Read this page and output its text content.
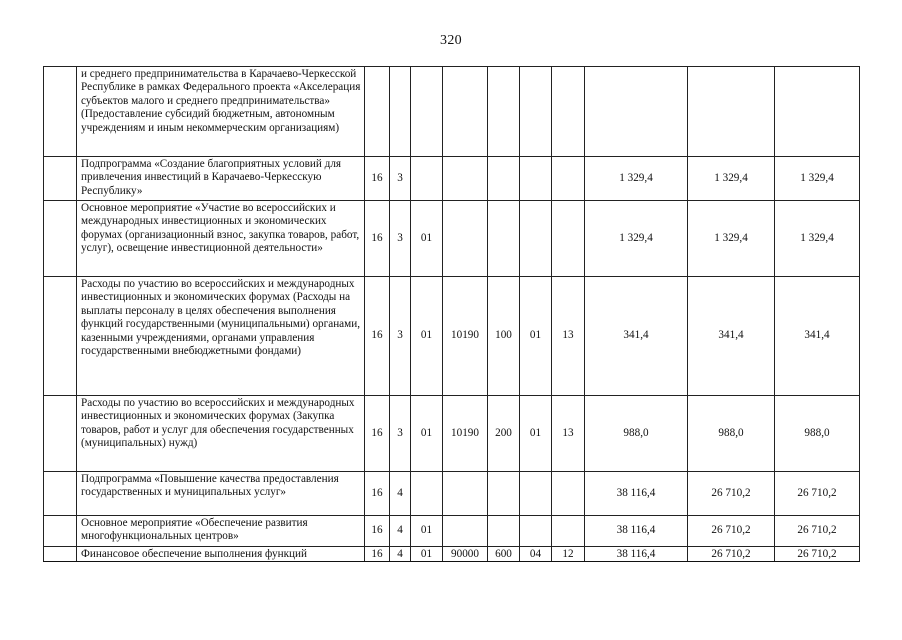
320
	и среднего предпринимательства в Карачаево-Черкесской Республике в рамках Федерального проекта «Акселерация субъектов малого и среднего предпринимательства» (Предоставление субсидий бюджетным, автономным учреждениям и иным некоммерческим организациям)										
	Подпрограмма «Создание благоприятных условий для привлечения инвестиций в Карачаево-Черкесскую Республику»	16	3						1 329,4	1 329,4	1 329,4
	Основное мероприятие «Участие во всероссийских и международных инвестиционных и экономических форумах (организационный взнос, закупка товаров, работ, услуг), освещение инвестиционной деятельности»	16	3	01					1 329,4	1 329,4	1 329,4
	Расходы по участию во всероссийских и международных инвестиционных и экономических форумах (Расходы на выплаты персоналу в целях обеспечения выполнения функций государственными (муниципальными) органами, казенными учреждениями, органами управления государственными внебюджетными фондами)	16	3	01	10190	100	01	13	341,4	341,4	341,4
	Расходы по участию во всероссийских и международных инвестиционных и экономических форумах (Закупка товаров, работ и услуг для обеспечения государственных (муниципальных) нужд)	16	3	01	10190	200	01	13	988,0	988,0	988,0
	Подпрограмма «Повышение качества предоставления государственных и муниципальных услуг»	16	4						38 116,4	26 710,2	26 710,2
	Основное мероприятие «Обеспечение развития многофункциональных центров»	16	4	01					38 116,4	26 710,2	26 710,2
	Финансовое обеспечение выполнения функций	16	4	01	90000	600	04	12	38 116,4	26 710,2	26 710,2
